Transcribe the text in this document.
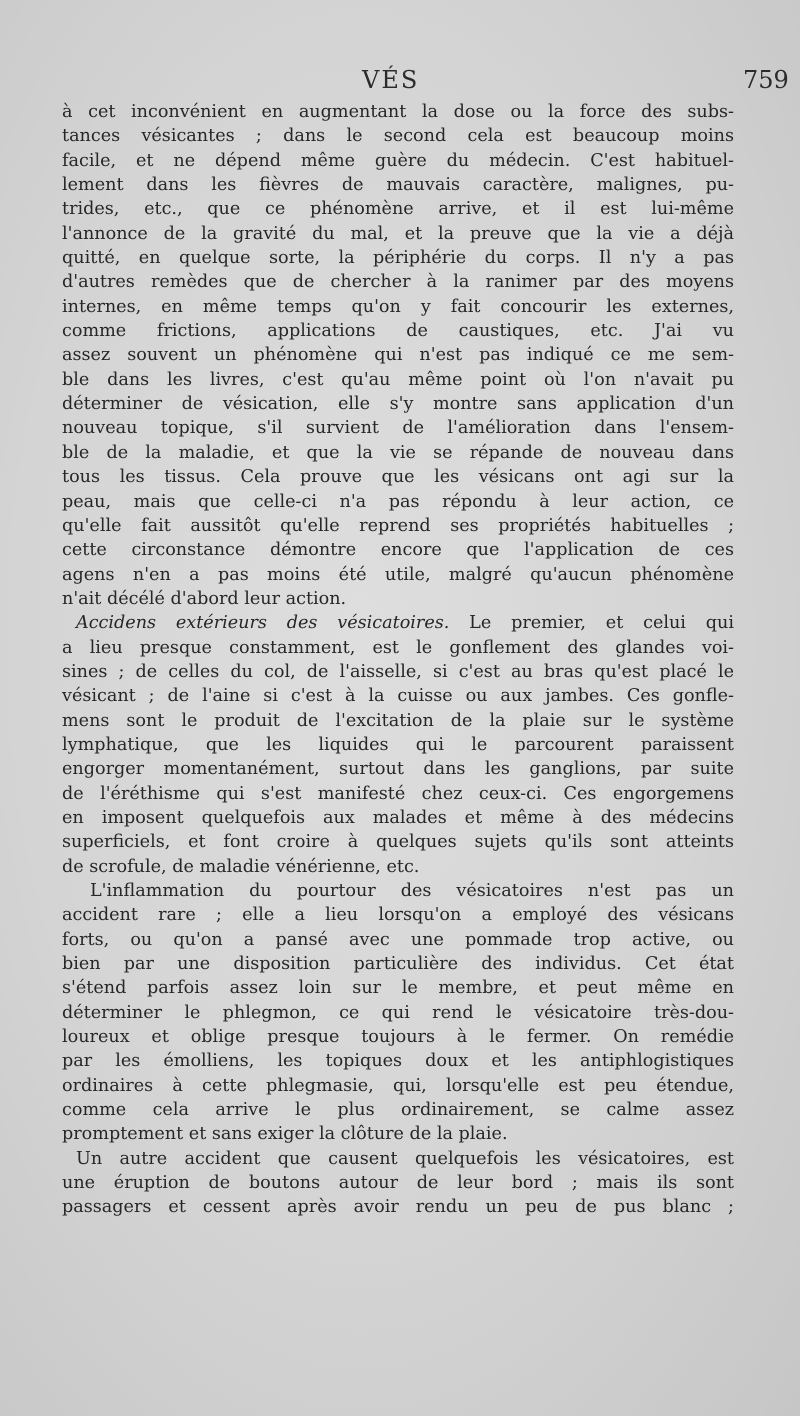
VÉS	759
à cet inconvénient en augmentant la dose ou la force des subs-
tances vésicantes ; dans le second cela est beaucoup moins
facile, et ne dépend même guère du médecin. C'est habituel-
lement dans les fièvres de mauvais caractère, malignes, pu-
trides, etc., que ce phénomène arrive, et il est lui-même
l'annonce de la gravité du mal, et la preuve que la vie a déjà
quitté, en quelque sorte, la périphérie du corps. Il n'y a pas
d'autres remèdes que de chercher à la ranimer par des moyens
internes, en même temps qu'on y fait concourir les externes,
comme frictions, applications de caustiques, etc. J'ai vu
assez souvent un phénomène qui n'est pas indiqué ce me sem-
ble dans les livres, c'est qu'au même point où l'on n'avait pu
déterminer de vésication, elle s'y montre sans application d'un
nouveau topique, s'il survient de l'amélioration dans l'ensem-
ble de la maladie, et que la vie se répande de nouveau dans
tous les tissus. Cela prouve que les vésicans ont agi sur la
peau, mais que celle-ci n'a pas répondu à leur action, ce
qu'elle fait aussitôt qu'elle reprend ses propriétés habituelles ;
cette circonstance démontre encore que l'application de ces
agens n'en a pas moins été utile, malgré qu'aucun phénomène
n'ait décélé d'abord leur action.
Accidens extérieurs des vésicatoires. Le premier, et celui qui
a lieu presque constamment, est le gonflement des glandes voi-
sines ; de celles du col, de l'aisselle, si c'est au bras qu'est placé le
vésicant ; de l'aine si c'est à la cuisse ou aux jambes. Ces gonfle-
mens sont le produit de l'excitation de la plaie sur le système
lymphatique, que les liquides qui le parcourent paraissent
engorger momentanément, surtout dans les ganglions, par suite
de l'éréthisme qui s'est manifesté chez ceux-ci. Ces engorgemens
en imposent quelquefois aux malades et même à des médecins
superficiels, et font croire à quelques sujets qu'ils sont atteints
de scrofule, de maladie vénérienne, etc.
L'inflammation du pourtour des vésicatoires n'est pas un
accident rare ; elle a lieu lorsqu'on a employé des vésicans
forts, ou qu'on a pansé avec une pommade trop active, ou
bien par une disposition particulière des individus. Cet état
s'étend parfois assez loin sur le membre, et peut même en
déterminer le phlegmon, ce qui rend le vésicatoire très-dou-
loureux et oblige presque toujours à le fermer. On remédie
par les émolliens, les topiques doux et les antiphlogistiques
ordinaires à cette phlegmasie, qui, lorsqu'elle est peu étendue,
comme cela arrive le plus ordinairement, se calme assez
promptement et sans exiger la clôture de la plaie.
Un autre accident que causent quelquefois les vésicatoires, est
une éruption de boutons autour de leur bord ; mais ils sont
passagers et cessent après avoir rendu un peu de pus blanc ;
